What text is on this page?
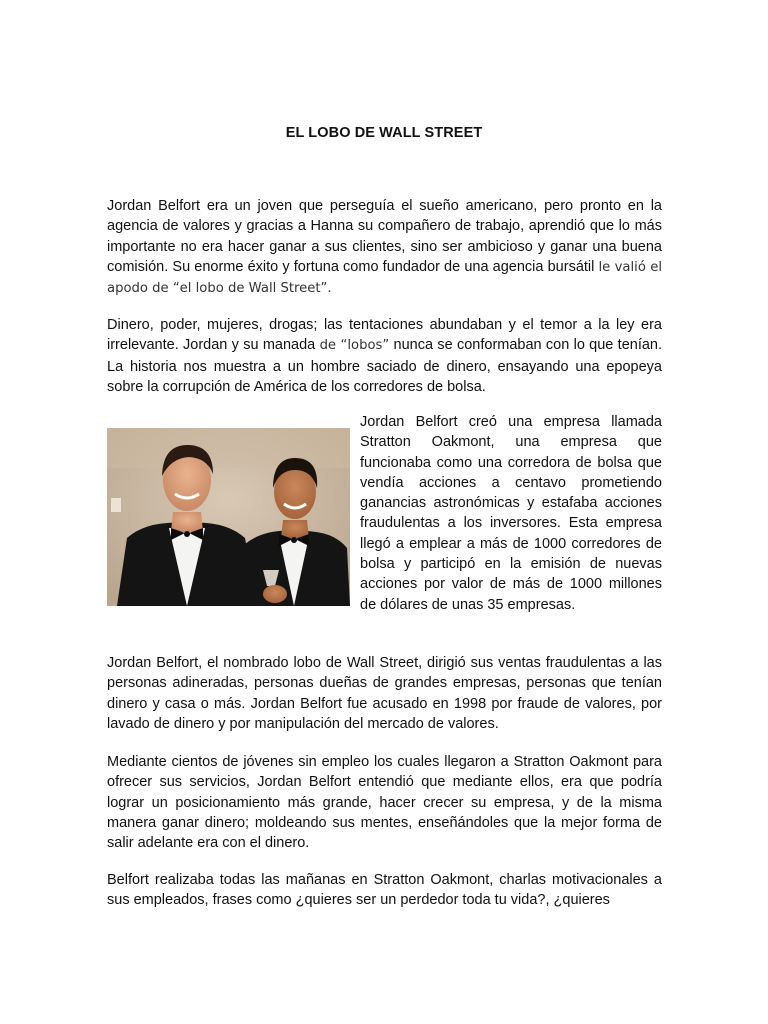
EL LOBO DE WALL STREET

Jordan Belfort era un joven que perseguía el sueño americano, pero pronto en la agencia de valores y gracias a Hanna su compañero de trabajo, aprendió que lo más importante no era hacer ganar a sus clientes, sino ser ambicioso y ganar una buena comisión. Su enorme éxito y fortuna como fundador de una agencia bursátil le valió el apodo de “el lobo de Wall Street”.

Dinero, poder, mujeres, drogas; las tentaciones abundaban y el temor a la ley era irrelevante. Jordan y su manada de “lobos” nunca se conformaban con lo que tenían. La historia nos muestra a un hombre saciado de dinero, ensayando una epopeya sobre la corrupción de América de los corredores de bolsa.

Jordan Belfort creó una empresa llamada Stratton Oakmont, una empresa que funcionaba como una corredora de bolsa que vendía acciones a centavo prometiendo ganancias astronómicas y estafaba acciones fraudulentas a los inversores. Esta empresa llegó a emplear a más de 1000 corredores de bolsa y participó en la emisión de nuevas acciones por valor de más de 1000 millones de dólares de unas 35 empresas.

Jordan Belfort, el nombrado lobo de Wall Street, dirigió sus ventas fraudulentas a las personas adineradas, personas dueñas de grandes empresas, personas que tenían dinero y casa o más. Jordan Belfort fue acusado en 1998 por fraude de valores, por lavado de dinero y por manipulación del mercado de valores.

Mediante cientos de jóvenes sin empleo los cuales llegaron a Stratton Oakmont para ofrecer sus servicios, Jordan Belfort entendió que mediante ellos, era que podría lograr un posicionamiento más grande, hacer crecer su empresa, y de la misma manera ganar dinero; moldeando sus mentes, enseñándoles que la mejor forma de salir adelante era con el dinero.

Belfort realizaba todas las mañanas en Stratton Oakmont, charlas motivacionales a sus empleados, frases como ¿quieres ser un perdedor toda tu vida?, ¿quieres
